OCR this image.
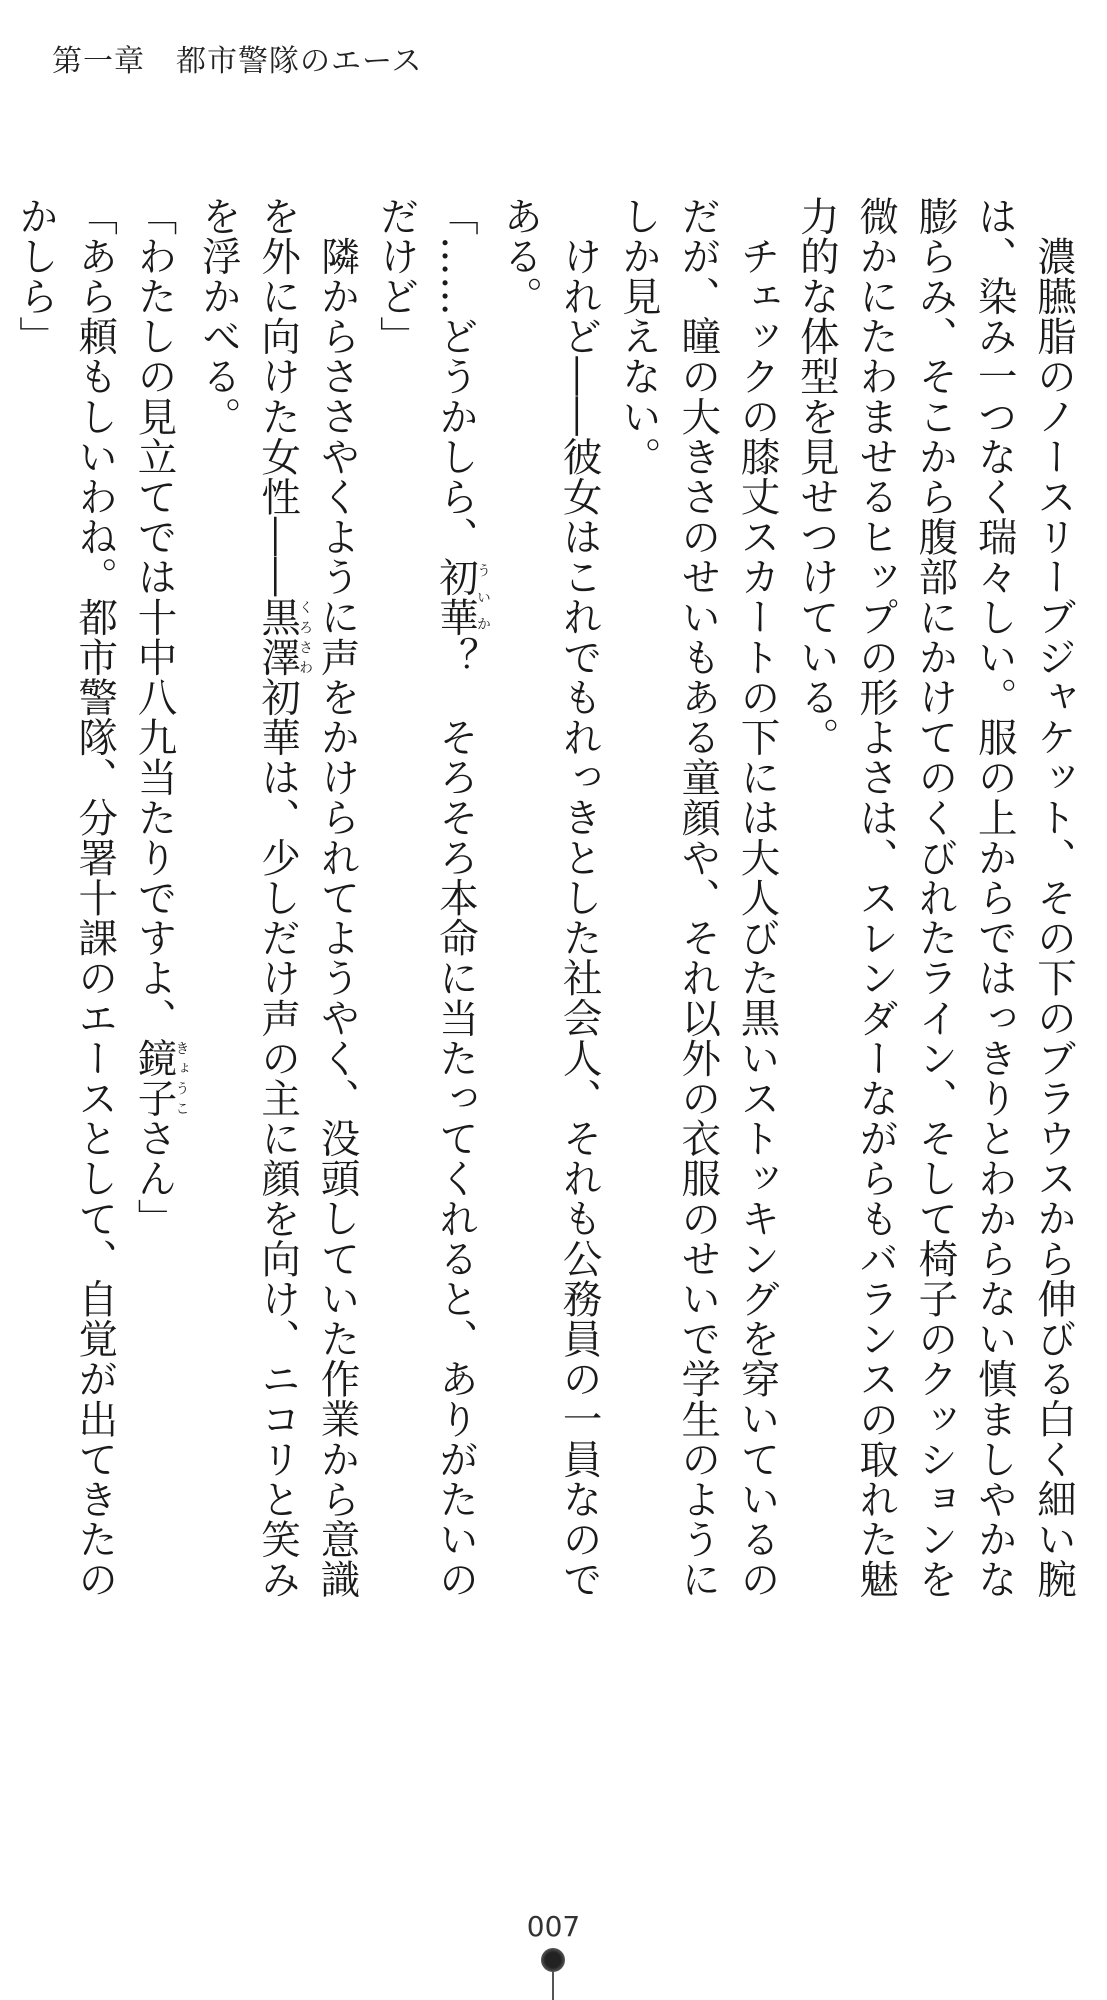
第一章　都市警隊のエース

濃臙脂のノースリーブジャケット、その下のブラウスから伸びる白く細い腕は、染み一つなく瑞々しい。服の上からではっきりとわからない慎ましやかな膨らみ、そこから腹部にかけてのくびれたライン、そして椅子のクッションを微かにたわませるヒップの形よさは、スレンダーながらもバランスの取れた魅力的な体型を見せつけている。

チェックの膝丈スカートの下には大人びた黒いストッキングを穿いているのだが、瞳の大きさのせいもある童顔や、それ以外の衣服のせいで学生のようにしか見えない。

けれど――彼女はこれでもれっきとした社会人、それも公務員の一員なのである。

「……どうかしら、初華ういか？　そろそろ本命に当たってくれると、ありがたいのだけど」

隣からささやくように声をかけられてようやく、没頭していた作業から意識を外に向けた女性――黒澤くろさわ初華は、少しだけ声の主に顔を向け、ニコリと笑みを浮かべる。

「わたしの見立てでは十中八九当たりですよ、鏡子きょうこさん」

「あら頼もしいわね。都市警隊、分署十課のエースとして、自覚が出てきたのかしら」

007
